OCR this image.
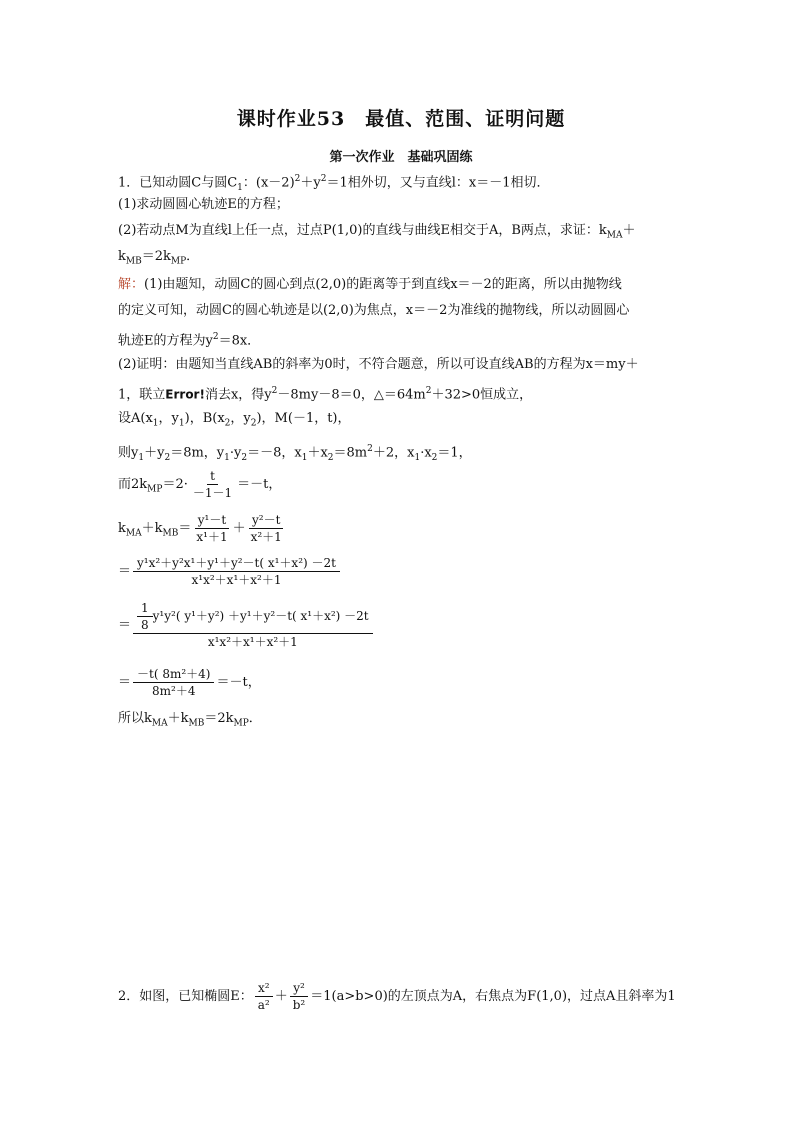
课时作业53　最值、范围、证明问题
第一次作业　基础巩固练
1．已知动圆C与圆$C_1$：$(x-2)^2+y^2=1$相外切，又与直线l：x＝－1相切．
(1)求动圆圆心轨迹E的方程；
(2)若动点M为直线l上任一点，过点P(1,0)的直线与曲线E相交于A，B两点，求证：$k_{MA}+$
$k_{MB}=2k_{MP}$．
解：(1)由题知，动圆C的圆心到点(2,0)的距离等于到直线x＝－2的距离，所以由抛物线
的定义可知，动圆C的圆心轨迹是以(2,0)为焦点，x＝－2为准线的抛物线，所以动圆圆心
轨迹E的方程为$y^2=8x$．
(2)证明：由题知当直线AB的斜率为0时，不符合题意，所以可设直线AB的方程为x＝my＋
1，联立Error!消去x，得$y^2-8my-8=0$，$\triangle=64m^2+32>0$恒成立，
设$A(x_1$，$y_1$)，$B(x_2$，$y_2$)，M(－1，t)，
则$y_1+y_2=8m$，$y_1\cdot y_2=-8$，$x_1+x_2=8m^2+2$，$x_1\cdot x_2=1$，
而$2k_{MP}=2\cdot \frac{t}{-1-1} =-t$，
$k_{MA}+k_{MB}= \frac{\text{y¹－t}}{\text{x¹＋1}} + \frac{\text{y²－t}}{\text{x²＋1}}$
＝ $\frac{\text{y¹x²＋y²x¹＋y¹＋y²－t( x¹＋x²) －2t}}{\text{x¹x²＋x¹＋x²＋1}}$
＝ $\frac{\frac{1}{8} y^1y^2( y^1+y^2) +y^1+y^2-t( x^1+x^2) -2t}{\text{x¹x²＋x¹＋x²＋1}}$
＝ $\frac{\text{－t( 8m²＋4)}}{\text{8m²＋4}} =-t$，
所以$k_{MA}+k_{MB}=2k_{MP}$．
2．如图，已知椭圆E： $\frac{\text{x²}}{\text{a²}} + \frac{\text{y²}}{\text{b²}} =1(a>b>0)$的左顶点为A，右焦点为F(1,0)，过点A且斜率为1
